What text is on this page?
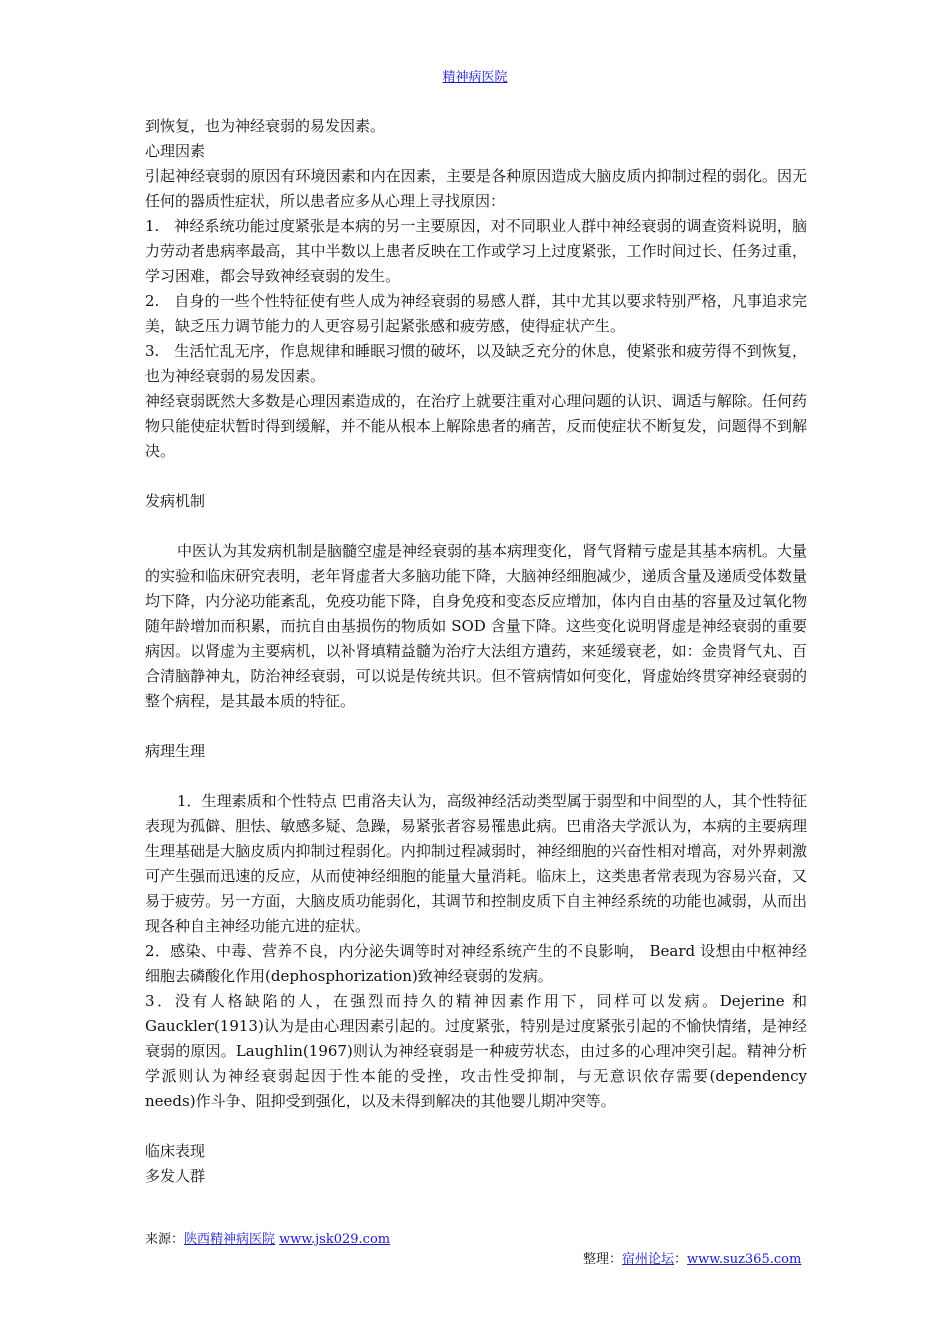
精神病医院

到恢复，也为神经衰弱的易发因素。

心理因素

引起神经衰弱的原因有环境因素和内在因素，主要是各种原因造成大脑皮质内抑制过程的弱化。因无任何的器质性症状，所以患者应多从心理上寻找原因：

1.　神经系统功能过度紧张是本病的另一主要原因，对不同职业人群中神经衰弱的调查资料说明，脑力劳动者患病率最高，其中半数以上患者反映在工作或学习上过度紧张，工作时间过长、任务过重，学习困难，都会导致神经衰弱的发生。

2.　自身的一些个性特征使有些人成为神经衰弱的易感人群，其中尤其以要求特别严格，凡事追求完美，缺乏压力调节能力的人更容易引起紧张感和疲劳感，使得症状产生。

3.　生活忙乱无序，作息规律和睡眠习惯的破坏，以及缺乏充分的休息，使紧张和疲劳得不到恢复，也为神经衰弱的易发因素。

神经衰弱既然大多数是心理因素造成的，在治疗上就要注重对心理问题的认识、调适与解除。任何药物只能使症状暂时得到缓解，并不能从根本上解除患者的痛苦，反而使症状不断复发，问题得不到解决。

发病机制

中医认为其发病机制是脑髓空虚是神经衰弱的基本病理变化，肾气肾精亏虚是其基本病机。大量的实验和临床研究表明，老年肾虚者大多脑功能下降，大脑神经细胞减少，递质含量及递质受体数量均下降，内分泌功能紊乱，免疫功能下降，自身免疫和变态反应增加，体内自由基的容量及过氧化物随年龄增加而积累，而抗自由基损伤的物质如 SOD 含量下降。这些变化说明肾虚是神经衰弱的重要病因。以肾虚为主要病机，以补肾填精益髓为治疗大法组方遣药，来延缓衰老，如：金贵肾气丸、百合清脑静神丸，防治神经衰弱，可以说是传统共识。但不管病情如何变化，肾虚始终贯穿神经衰弱的整个病程，是其最本质的特征。

病理生理

1．生理素质和个性特点 巴甫洛夫认为，高级神经活动类型属于弱型和中间型的人，其个性特征表现为孤僻、胆怯、敏感多疑、急躁，易紧张者容易罹患此病。巴甫洛夫学派认为，本病的主要病理生理基础是大脑皮质内抑制过程弱化。内抑制过程减弱时，神经细胞的兴奋性相对增高，对外界刺激可产生强而迅速的反应，从而使神经细胞的能量大量消耗。临床上，这类患者常表现为容易兴奋，又易于疲劳。另一方面，大脑皮质功能弱化，其调节和控制皮质下自主神经系统的功能也减弱，从而出现各种自主神经功能亢进的症状。

2．感染、中毒、营养不良，内分泌失调等时对神经系统产生的不良影响， Beard 设想由中枢神经细胞去磷酸化作用(dephosphorization)致神经衰弱的发病。

3．没有人格缺陷的人，在强烈而持久的精神因素作用下，同样可以发病。Dejerine 和 Gauckler(1913)认为是由心理因素引起的。过度紧张，特别是过度紧张引起的不愉快情绪，是神经衰弱的原因。Laughlin(1967)则认为神经衰弱是一种疲劳状态，由过多的心理冲突引起。精神分析学派则认为神经衰弱起因于性本能的受挫，攻击性受抑制，与无意识依存需要(dependency needs)作斗争、阻抑受到强化，以及未得到解决的其他婴儿期冲突等。

临床表现

多发人群

来源：陕西精神病医院 www.jsk029.com
整理：宿州论坛：www.suz365.com
